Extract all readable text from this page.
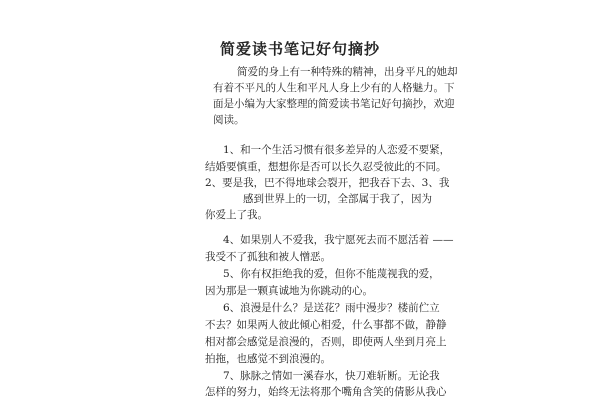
简爱读书笔记好句摘抄
简爱的身上有一种特殊的精神，出身平凡的她却
有着不平凡的人生和平凡人身上少有的人格魅力。下
面是小编为大家整理的简爱读书笔记好句摘抄，欢迎
阅读。
1、和一个生活习惯有很多差异的人恋爱不要紧，
结婚要慎重，想想你是否可以长久忍受彼此的不同。
2、要是我，巴不得地球会裂开，把我吞下去、3、我
感到世界上的一切，全部属于我了，因为
你爱上了我。
4、如果别人不爱我，我宁愿死去而不愿活着 ——
我受不了孤独和被人憎恶。
5、你有权拒绝我的爱，但你不能蔑视我的爱，
因为那是一颗真诚地为你跳动的心。
6、浪漫是什么？是送花？雨中漫步？楼前伫立
不去？如果两人彼此倾心相爱，什么事都不做，静静
相对都会感觉是浪漫的，否则，即使两人坐到月亮上
拍拖，也感觉不到浪漫的。
7、脉脉之情如一溪春水，快刀难斩断。无论我
怎样的努力，始终无法将那个嘴角含笑的倩影从我心
